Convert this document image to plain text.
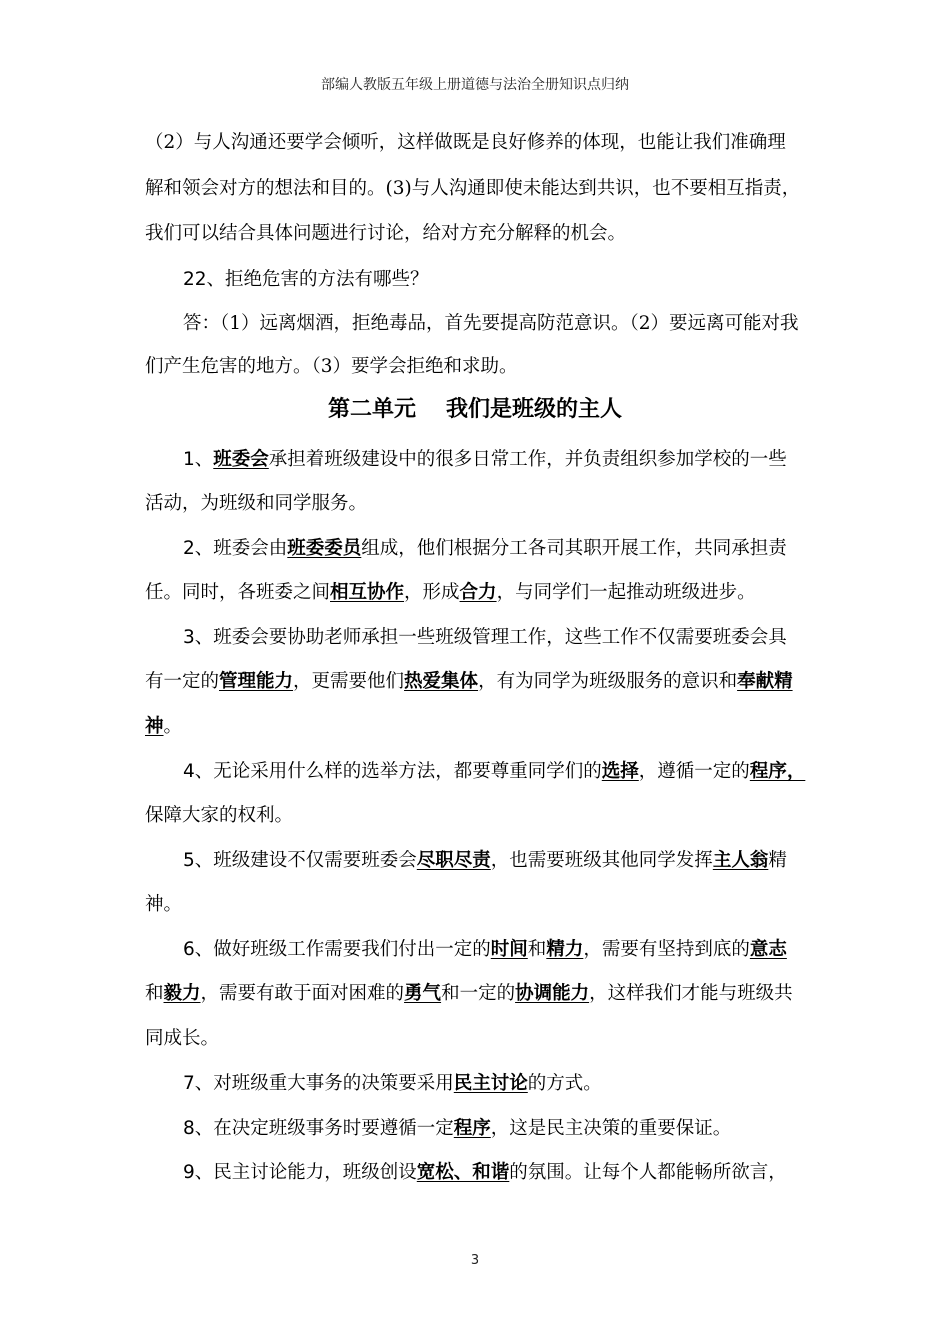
部编人教版五年级上册道德与法治全册知识点归纳
（2）与人沟通还要学会倾听，这样做既是良好修养的体现，也能让我们准确理
解和领会对方的想法和目的。(3)与人沟通即使未能达到共识，也不要相互指责，
我们可以结合具体问题进行讨论，给对方充分解释的机会。
22、拒绝危害的方法有哪些？
答：（1）远离烟酒，拒绝毒品，首先要提高防范意识。（2）要远离可能对我
们产生危害的地方。（3）要学会拒绝和求助。
第二单元 我们是班级的主人
1、班委会承担着班级建设中的很多日常工作，并负责组织参加学校的一些
活动，为班级和同学服务。
2、班委会由班委委员组成，他们根据分工各司其职开展工作，共同承担责
任。同时，各班委之间相互协作，形成合力，与同学们一起推动班级进步。
3、班委会要协助老师承担一些班级管理工作，这些工作不仅需要班委会具
有一定的管理能力，更需要他们热爱集体，有为同学为班级服务的意识和奉献精
神。
4、无论采用什么样的选举方法，都要尊重同学们的选择，遵循一定的程序，
保障大家的权利。
5、班级建设不仅需要班委会尽职尽责，也需要班级其他同学发挥主人翁精
神。
6、做好班级工作需要我们付出一定的时间和精力，需要有坚持到底的意志
和毅力，需要有敢于面对困难的勇气和一定的协调能力，这样我们才能与班级共
同成长。
7、对班级重大事务的决策要采用民主讨论的方式。
8、在决定班级事务时要遵循一定程序，这是民主决策的重要保证。
9、民主讨论能力，班级创设宽松、和谐的氛围。让每个人都能畅所欲言，
3
